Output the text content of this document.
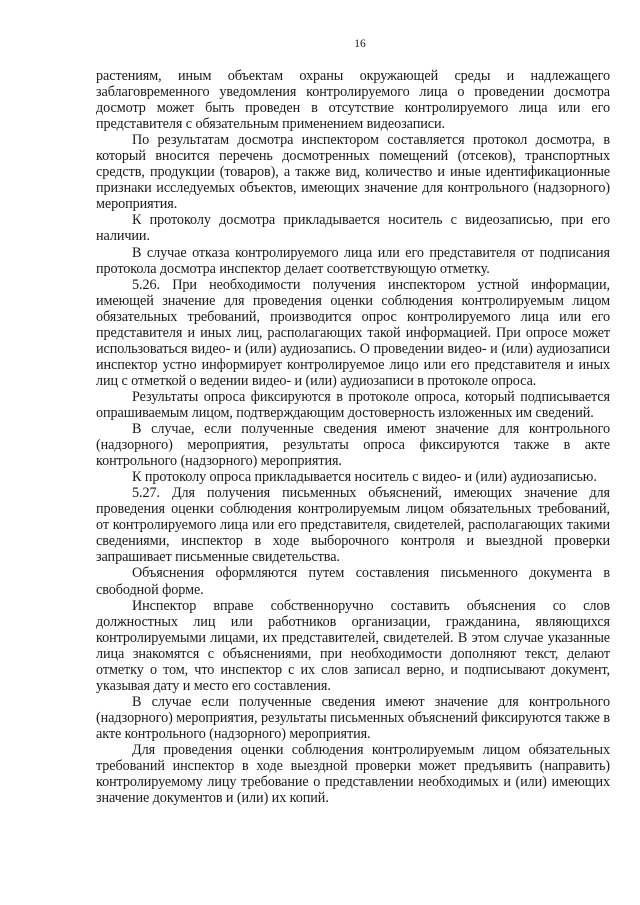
16

растениям, иным объектам охраны окружающей среды и надлежащего заблаговременного уведомления контролируемого лица о проведении досмотра досмотр может быть проведен в отсутствие контролируемого лица или его представителя с обязательным применением видеозаписи.

По результатам досмотра инспектором составляется протокол досмотра, в который вносится перечень досмотренных помещений (отсеков), транспортных средств, продукции (товаров), а также вид, количество и иные идентификационные признаки исследуемых объектов, имеющих значение для контрольного (надзорного) мероприятия.

К протоколу досмотра прикладывается носитель с видеозаписью, при его наличии.

В случае отказа контролируемого лица или его представителя от подписания протокола досмотра инспектор делает соответствующую отметку.

5.26. При необходимости получения инспектором устной информации, имеющей значение для проведения оценки соблюдения контролируемым лицом обязательных требований, производится опрос контролируемого лица или его представителя и иных лиц, располагающих такой информацией. При опросе может использоваться видео- и (или) аудиозапись. О проведении видео- и (или) аудиозаписи инспектор устно информирует контролируемое лицо или его представителя и иных лиц с отметкой о ведении видео- и (или) аудиозаписи в протоколе опроса.

Результаты опроса фиксируются в протоколе опроса, который подписывается опрашиваемым лицом, подтверждающим достоверность изложенных им сведений.

В случае, если полученные сведения имеют значение для контрольного (надзорного) мероприятия, результаты опроса фиксируются также в акте контрольного (надзорного) мероприятия.

К протоколу опроса прикладывается носитель с видео- и (или) аудиозаписью.

5.27. Для получения письменных объяснений, имеющих значение для проведения оценки соблюдения контролируемым лицом обязательных требований, от контролируемого лица или его представителя, свидетелей, располагающих такими сведениями, инспектор в ходе выборочного контроля и выездной проверки запрашивает письменные свидетельства.

Объяснения оформляются путем составления письменного документа в свободной форме.

Инспектор вправе собственноручно составить объяснения со слов должностных лиц или работников организации, гражданина, являющихся контролируемыми лицами, их представителей, свидетелей. В этом случае указанные лица знакомятся с объяснениями, при необходимости дополняют текст, делают отметку о том, что инспектор с их слов записал верно, и подписывают документ, указывая дату и место его составления.

В случае если полученные сведения имеют значение для контрольного (надзорного) мероприятия, результаты письменных объяснений фиксируются также в акте контрольного (надзорного) мероприятия.

Для проведения оценки соблюдения контролируемым лицом обязательных требований инспектор в ходе выездной проверки может предъявить (направить) контролируемому лицу требование о представлении необходимых и (или) имеющих значение документов и (или) их копий.
